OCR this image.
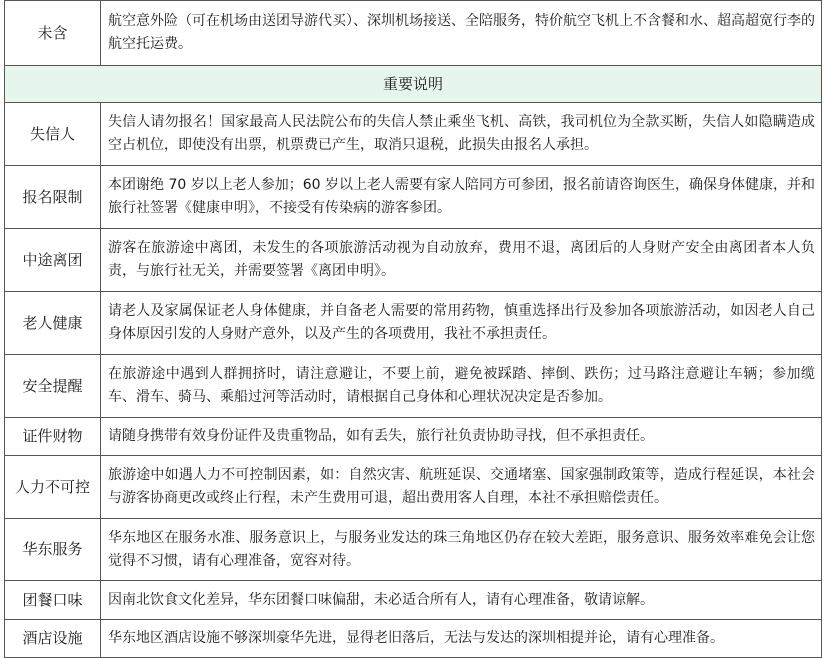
未含	航空意外险（可在机场由送团导游代买）、深圳机场接送、全陪服务，特价航空飞机上不含餐和水、超高超宽行李的航空托运费。
重要说明	
失信人	失信人请勿报名！国家最高人民法院公布的失信人禁止乘坐飞机、高铁，我司机位为全款买断，失信人如隐瞒造成空占机位，即使没有出票，机票费已产生，取消只退税，此损失由报名人承担。
报名限制	本团谢绝 70 岁以上老人参加；60 岁以上老人需要有家人陪同方可参团，报名前请咨询医生，确保身体健康，并和旅行社签署《健康申明》，不接受有传染病的游客参团。
中途离团	游客在旅游途中离团，未发生的各项旅游活动视为自动放弃，费用不退，离团后的人身财产安全由离团者本人负责，与旅行社无关，并需要签署《离团申明》。
老人健康	请老人及家属保证老人身体健康，并自备老人需要的常用药物，慎重选择出行及参加各项旅游活动，如因老人自己身体原因引发的人身财产意外，以及产生的各项费用，我社不承担责任。
安全提醒	在旅游途中遇到人群拥挤时，请注意避让，不要上前，避免被踩踏、摔倒、跌伤；过马路注意避让车辆；参加缆车、滑车、骑马、乘船过河等活动时，请根据自己身体和心理状况决定是否参加。
证件财物	请随身携带有效身份证件及贵重物品，如有丢失，旅行社负责协助寻找，但不承担责任。
人力不可控	旅游途中如遇人力不可控制因素，如：自然灾害、航班延误、交通堵塞、国家强制政策等，造成行程延误，本社会与游客协商更改或终止行程，未产生费用可退，超出费用客人自理，本社不承担赔偿责任。
华东服务	华东地区在服务水准、服务意识上，与服务业发达的珠三角地区仍存在较大差距，服务意识、服务效率难免会让您觉得不习惯，请有心理准备，宽容对待。
团餐口味	因南北饮食文化差异，华东团餐口味偏甜，未必适合所有人，请有心理准备，敬请谅解。
酒店设施	华东地区酒店设施不够深圳豪华先进，显得老旧落后，无法与发达的深圳相提并论，请有心理准备。
